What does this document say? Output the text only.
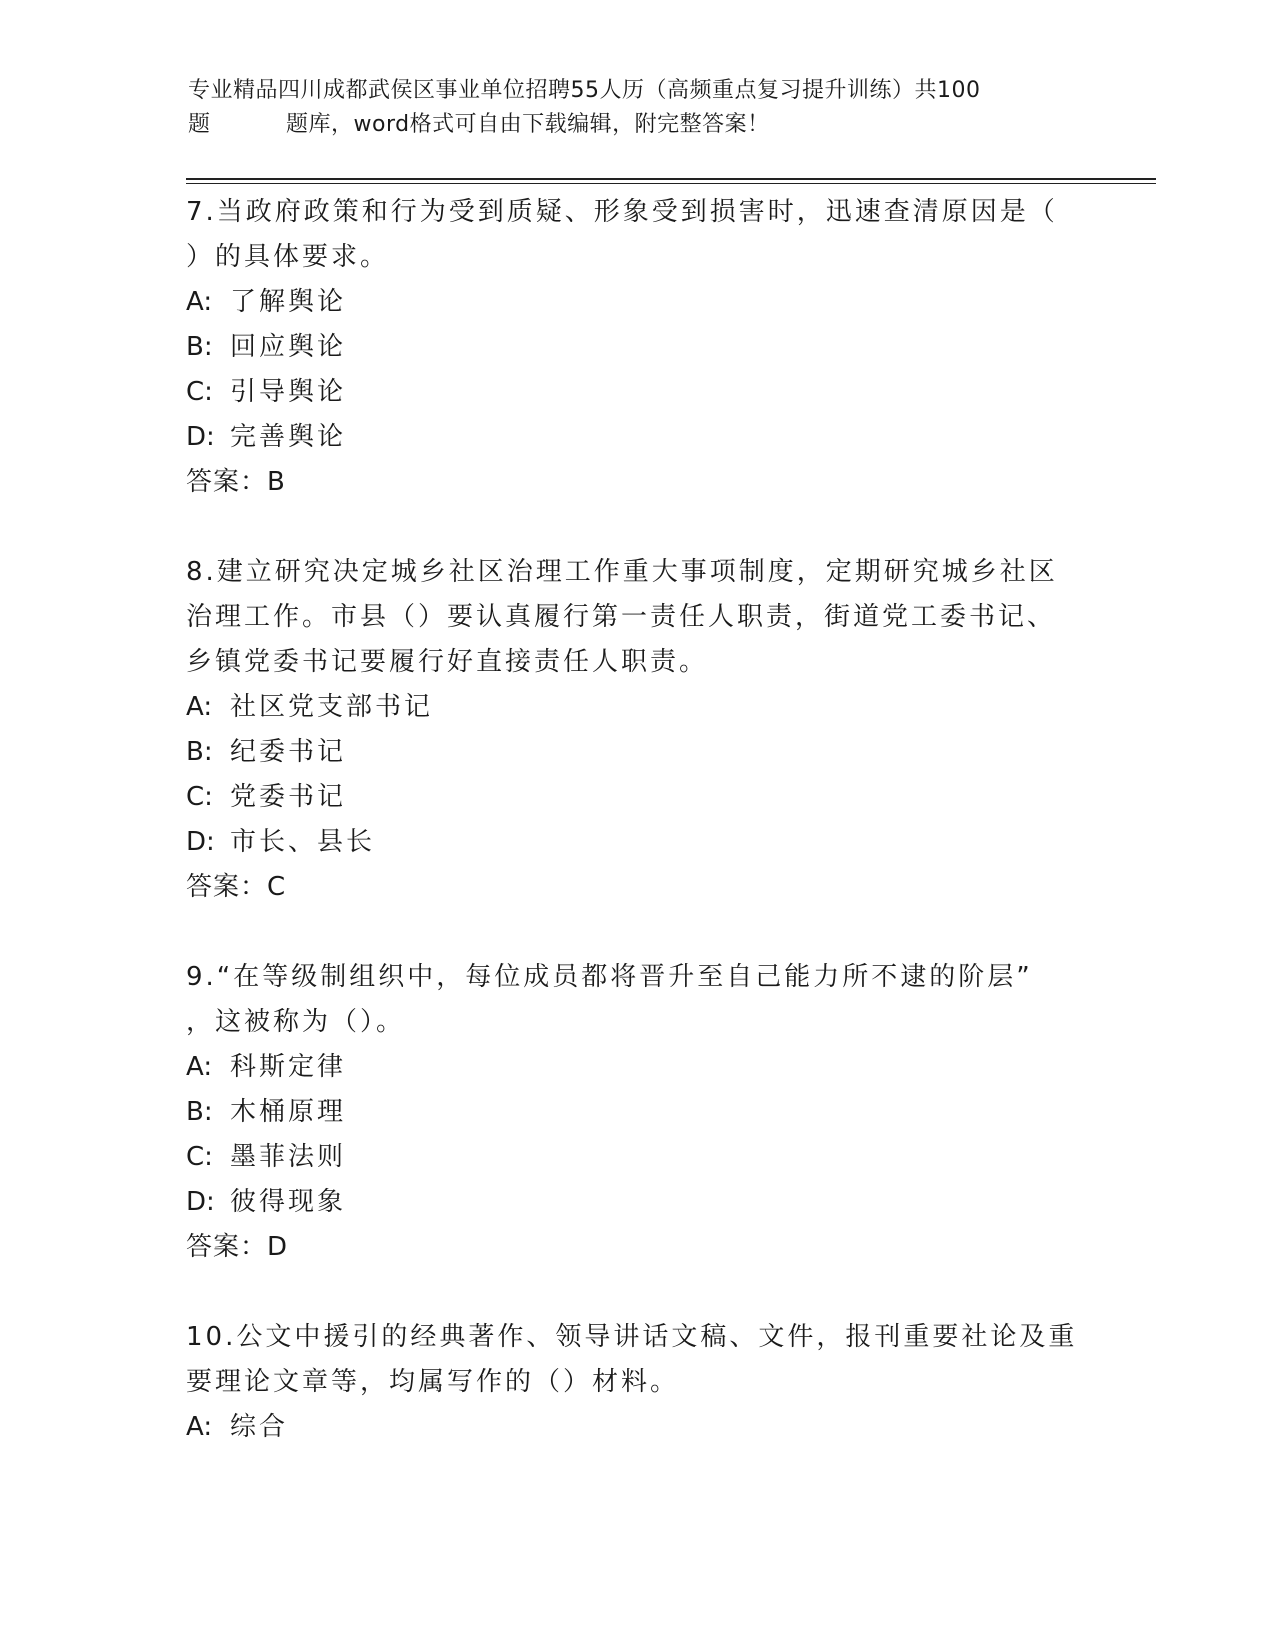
专业精品四川成都武侯区事业单位招聘55人历（高频重点复习提升训练）共100
题	题库，word格式可自由下载编辑，附完整答案！
7.当政府政策和行为受到质疑、形象受到损害时，迅速查清原因是（
）的具体要求。
A: 了解舆论
B: 回应舆论
C: 引导舆论
D: 完善舆论
答案：B
8.建立研究决定城乡社区治理工作重大事项制度，定期研究城乡社区
治理工作。市县（）要认真履行第一责任人职责，街道党工委书记、
乡镇党委书记要履行好直接责任人职责。
A: 社区党支部书记
B: 纪委书记
C: 党委书记
D: 市长、县长
答案：C
9.“在等级制组织中，每位成员都将晋升至自己能力所不逮的阶层”
，这被称为（）。
A: 科斯定律
B: 木桶原理
C: 墨菲法则
D: 彼得现象
答案：D
10.公文中援引的经典著作、领导讲话文稿、文件，报刊重要社论及重
要理论文章等，均属写作的（）材料。
A: 综合
